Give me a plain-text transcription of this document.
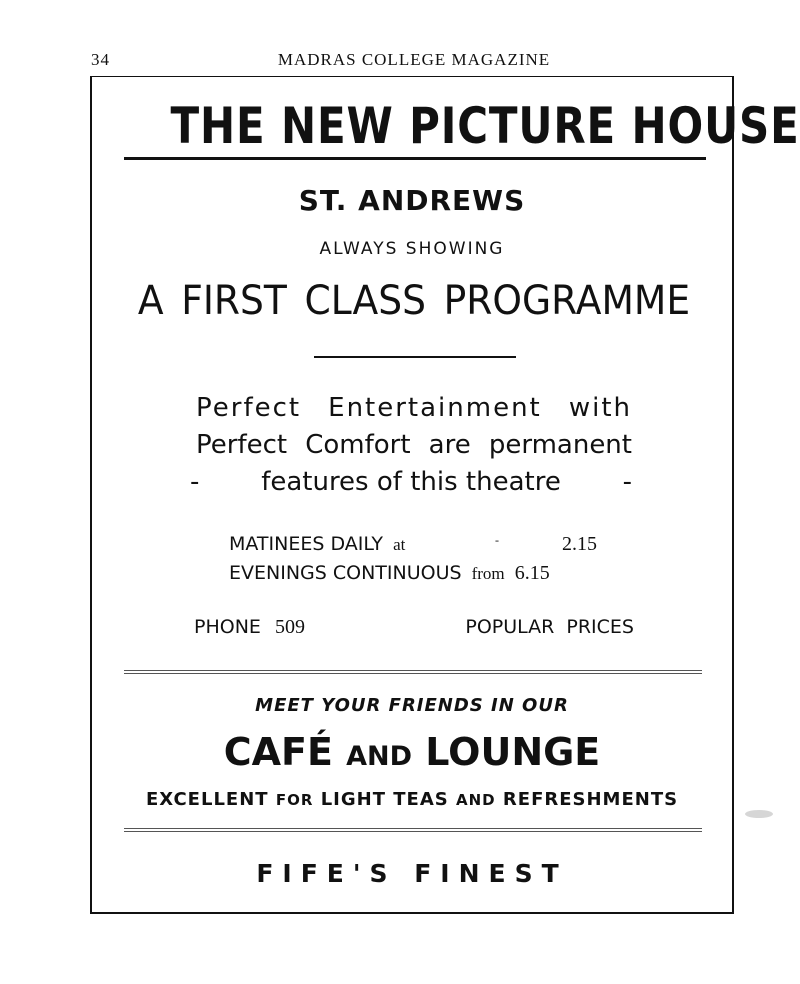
34	MADRAS COLLEGE MAGAZINE
THE NEW PICTURE HOUSE
ST. ANDREWS
ALWAYS SHOWING
A FIRST CLASS PROGRAMME
Perfect Entertainment with
Perfect Comfort are permanent
- features of this theatre -
MATINEES DAILY at	-	2.15
EVENINGS CONTINUOUS from 6.15
PHONE 509	POPULAR PRICES
MEET YOUR FRIENDS IN OUR
CAFÉ AND LOUNGE
EXCELLENT FOR LIGHT TEAS AND REFRESHMENTS
FIFE'S FINEST
